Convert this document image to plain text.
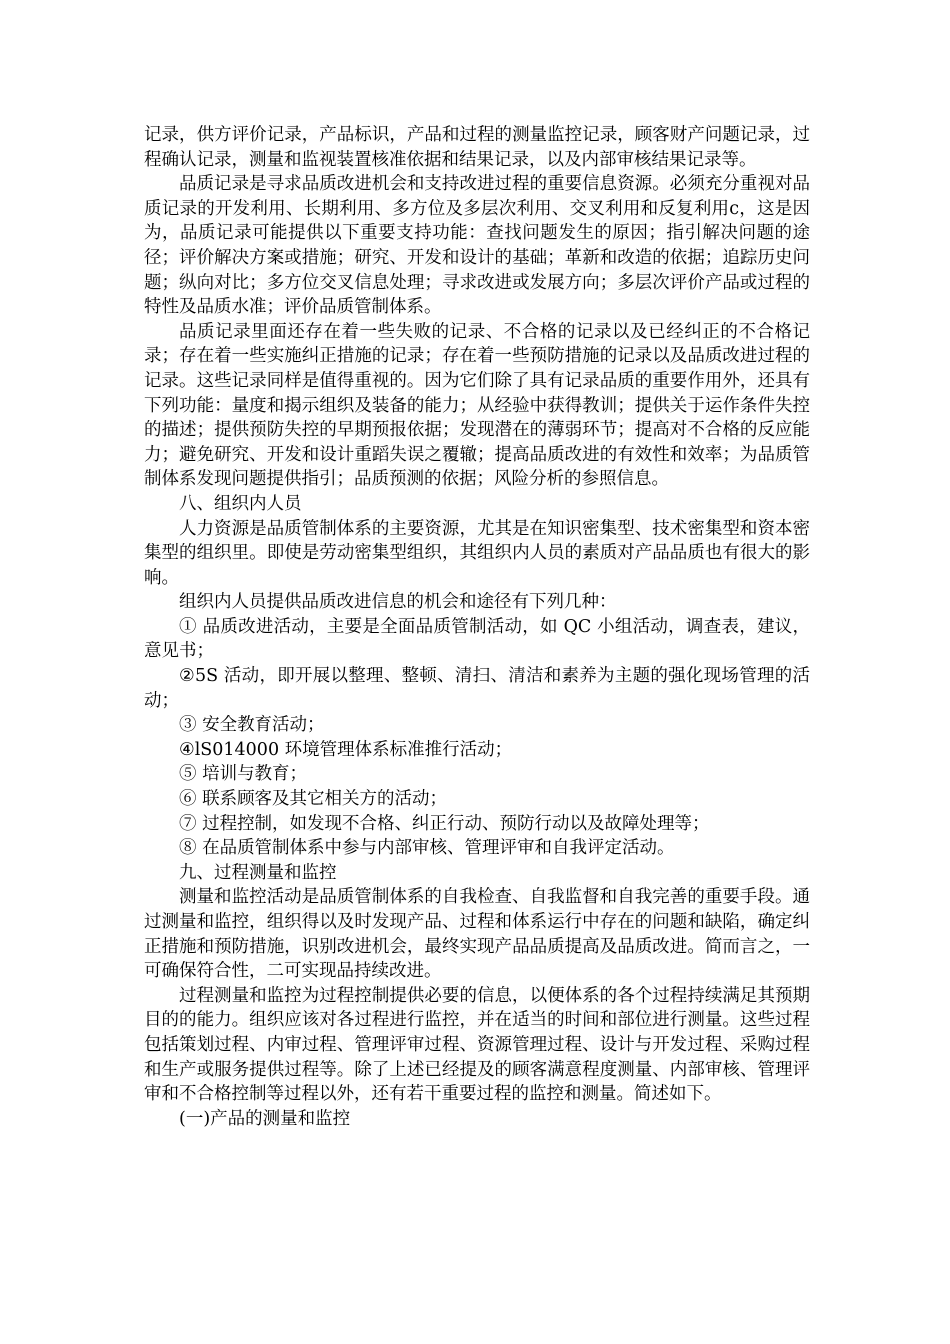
记录，供方评价记录，产品标识，产品和过程的测量监控记录，顾客财产问题记录，过程确认记录，测量和监视装置核准依据和结果记录，以及内部审核结果记录等。

品质记录是寻求品质改进机会和支持改进过程的重要信息资源。必须充分重视对品质记录的开发利用、长期利用、多方位及多层次利用、交叉利用和反复利用c，这是因为，品质记录可能提供以下重要支持功能：查找问题发生的原因；指引解决问题的途径；评价解决方案或措施；研究、开发和设计的基础；革新和改造的依据；追踪历史问题；纵向对比；多方位交叉信息处理；寻求改进或发展方向；多层次评价产品或过程的特性及品质水准；评价品质管制体系。

品质记录里面还存在着一些失败的记录、不合格的记录以及已经纠正的不合格记录；存在着一些实施纠正措施的记录；存在着一些预防措施的记录以及品质改进过程的记录。这些记录同样是值得重视的。因为它们除了具有记录品质的重要作用外，还具有下列功能：量度和揭示组织及装备的能力；从经验中获得教训；提供关于运作条件失控的描述；提供预防失控的早期预报依据；发现潜在的薄弱环节；提高对不合格的反应能力；避免研究、开发和设计重蹈失误之覆辙；提高品质改进的有效性和效率；为品质管制体系发现问题提供指引；品质预测的依据；风险分析的参照信息。

八、组织内人员

人力资源是品质管制体系的主要资源，尤其是在知识密集型、技术密集型和资本密集型的组织里。即使是劳动密集型组织，其组织内人员的素质对产品品质也有很大的影响。

组织内人员提供品质改进信息的机会和途径有下列几种：

① 品质改进活动，主要是全面品质管制活动，如 QC 小组活动，调查表，建议，意见书；

②5S 活动，即开展以整理、整顿、清扫、清洁和素养为主题的强化现场管理的活动；

③ 安全教育活动；

④lS014000 环境管理体系标准推行活动；

⑤ 培训与教育；

⑥ 联系顾客及其它相关方的活动；

⑦ 过程控制，如发现不合格、纠正行动、预防行动以及故障处理等；

⑧ 在品质管制体系中参与内部审核、管理评审和自我评定活动。

九、过程测量和监控

测量和监控活动是品质管制体系的自我检查、自我监督和自我完善的重要手段。通过测量和监控，组织得以及时发现产品、过程和体系运行中存在的问题和缺陷，确定纠正措施和预防措施，识别改进机会，最终实现产品品质提高及品质改进。简而言之，一可确保符合性，二可实现品持续改进。

过程测量和监控为过程控制提供必要的信息，以便体系的各个过程持续满足其预期目的的能力。组织应该对各过程进行监控，并在适当的时间和部位进行测量。这些过程包括策划过程、内审过程、管理评审过程、资源管理过程、设计与开发过程、采购过程和生产或服务提供过程等。除了上述已经提及的顾客满意程度测量、内部审核、管理评审和不合格控制等过程以外，还有若干重要过程的监控和测量。简述如下。

(一)产品的测量和监控
